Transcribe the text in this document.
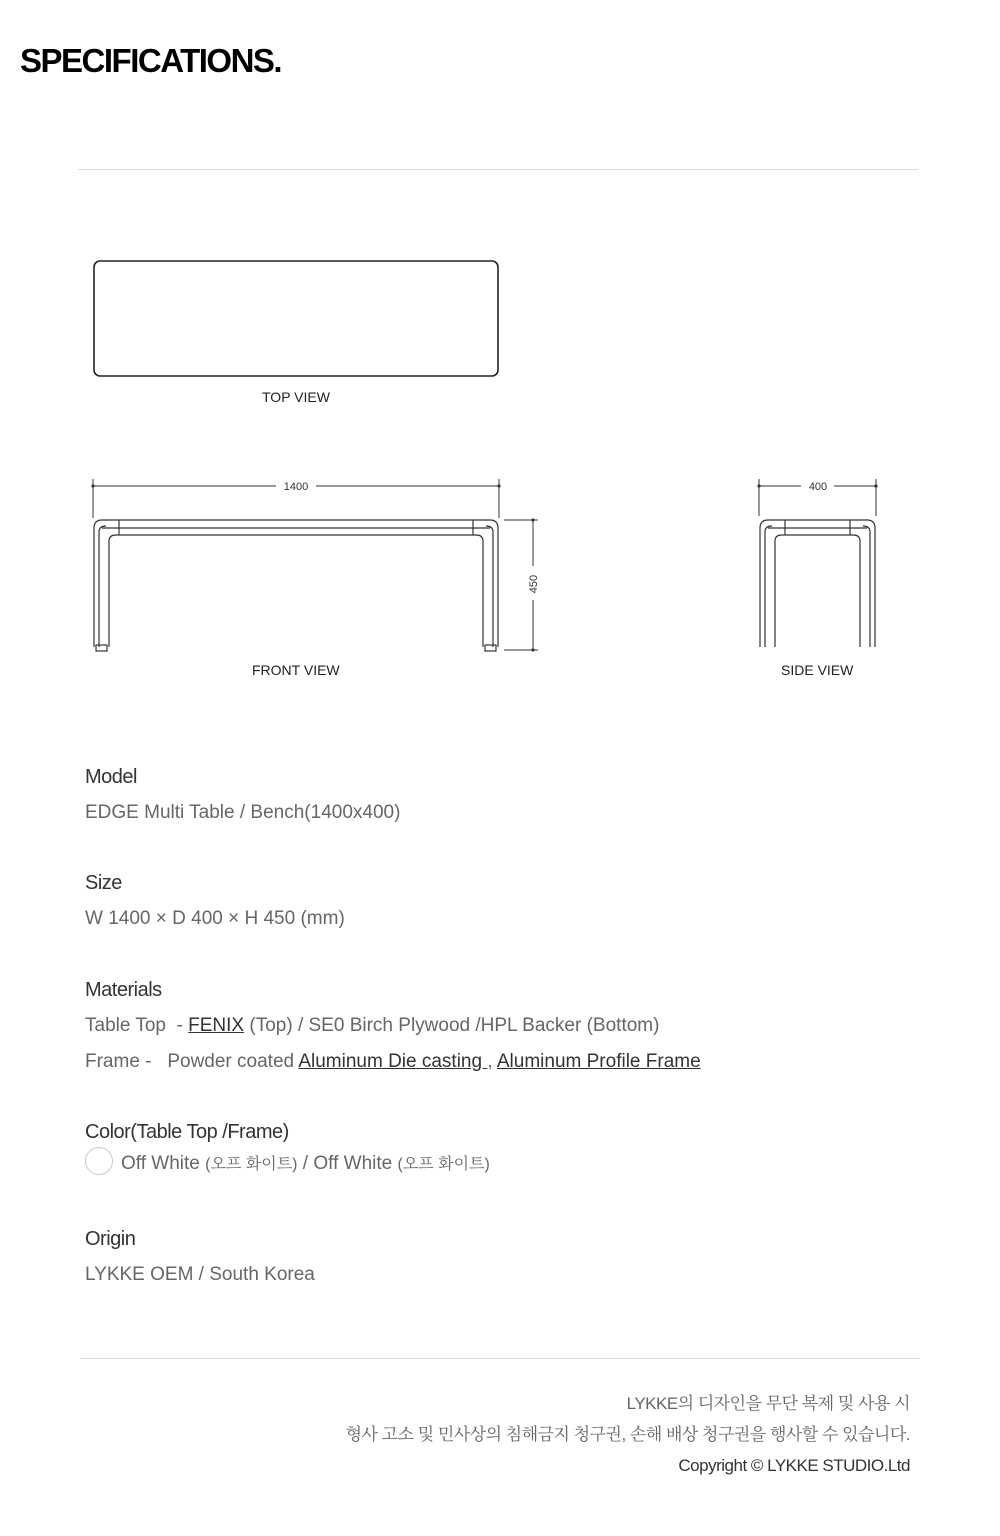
SPECIFICATIONS.
1400
450
400
TOP VIEW
FRONT VIEW	SIDE VIEW
Model
EDGE Multi Table / Bench(1400x400)
Size
W 1400 × D 400 × H 450 (mm)
Materials
Table Top  - FENIX (Top) / SE0 Birch Plywood /HPL Backer (Bottom)
Frame -   Powder coated Aluminum Die casting , Aluminum Profile Frame
Color(Table Top /Frame)
Off White (오프 화이트) / Off White (오프 화이트)
Origin
LYKKE OEM / South Korea
LYKKE의 디자인을 무단 복제 및 사용 시
형사 고소 및 민사상의 침해금지 청구권, 손해 배상 청구권을 행사할 수 있습니다.
Copyright © LYKKE STUDIO.Ltd
